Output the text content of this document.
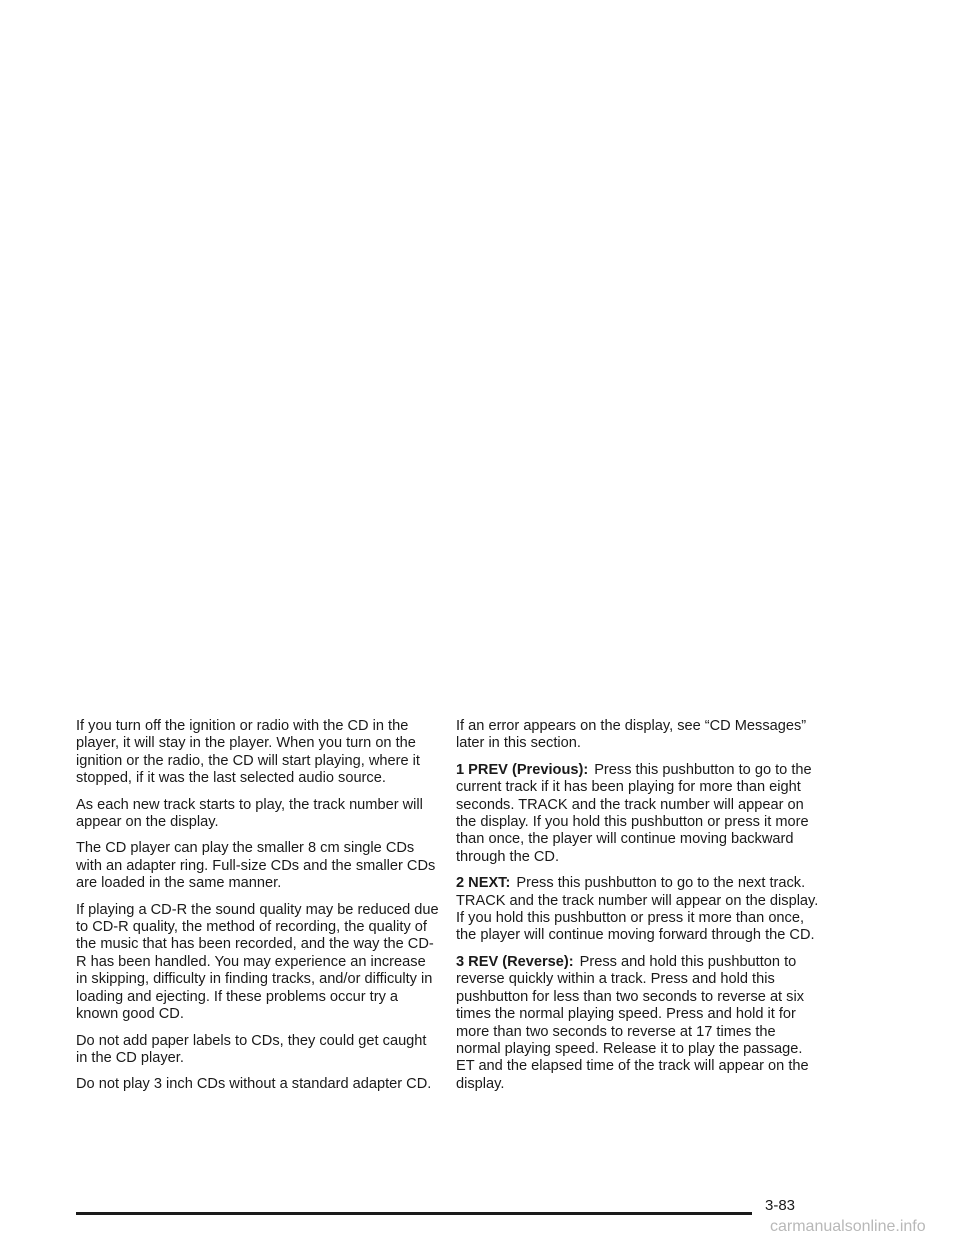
If you turn off the ignition or radio with the CD in the player, it will stay in the player. When you turn on the ignition or the radio, the CD will start playing, where it stopped, if it was the last selected audio source.

As each new track starts to play, the track number will appear on the display.

The CD player can play the smaller 8 cm single CDs with an adapter ring. Full-size CDs and the smaller CDs are loaded in the same manner.

If playing a CD-R the sound quality may be reduced due to CD-R quality, the method of recording, the quality of the music that has been recorded, and the way the CD-R has been handled. You may experience an increase in skipping, difficulty in finding tracks, and/or difficulty in loading and ejecting. If these problems occur try a known good CD.

Do not add paper labels to CDs, they could get caught in the CD player.

Do not play 3 inch CDs without a standard adapter CD.

If an error appears on the display, see “CD Messages” later in this section.

1 PREV (Previous): Press this pushbutton to go to the current track if it has been playing for more than eight seconds. TRACK and the track number will appear on the display. If you hold this pushbutton or press it more than once, the player will continue moving backward through the CD.

2 NEXT: Press this pushbutton to go to the next track. TRACK and the track number will appear on the display. If you hold this pushbutton or press it more than once, the player will continue moving forward through the CD.

3 REV (Reverse): Press and hold this pushbutton to reverse quickly within a track. Press and hold this pushbutton for less than two seconds to reverse at six times the normal playing speed. Press and hold it for more than two seconds to reverse at 17 times the normal playing speed. Release it to play the passage. ET and the elapsed time of the track will appear on the display.

3-83
carmanualsonline.info
